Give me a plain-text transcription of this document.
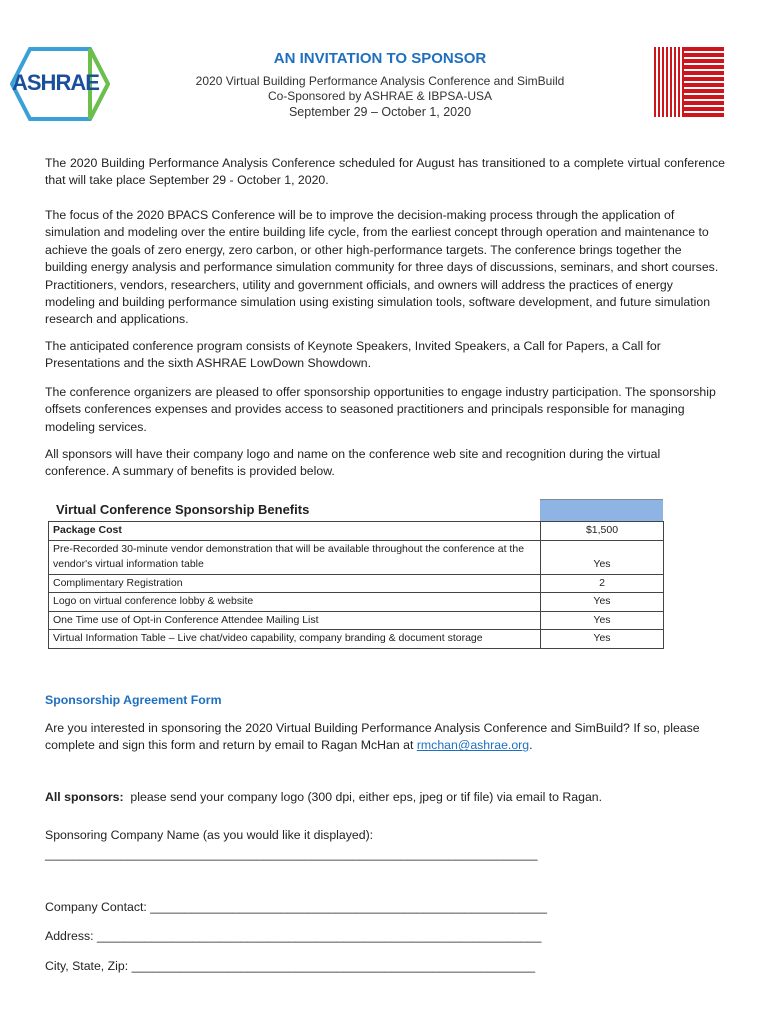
ASHRAE
AN INVITATION TO SPONSOR
2020 Virtual Building Performance Analysis Conference and SimBuild
Co-Sponsored by ASHRAE & IBPSA-USA
September 29 – October 1, 2020
The 2020 Building Performance Analysis Conference scheduled for August has transitioned to a complete virtual conference that will take place September 29 - October 1, 2020.
The focus of the 2020 BPACS Conference will be to improve the decision-making process through the application of simulation and modeling over the entire building life cycle, from the earliest concept through operation and maintenance to achieve the goals of zero energy, zero carbon, or other high-performance targets. The conference brings together the building energy analysis and performance simulation community for three days of discussions, seminars, and short courses. Practitioners, vendors, researchers, utility and government officials, and owners will address the practices of energy modeling and building performance simulation using existing simulation tools, software development, and future simulation research and applications.
The anticipated conference program consists of Keynote Speakers, Invited Speakers, a Call for Papers, a Call for Presentations and the sixth ASHRAE LowDown Showdown.
The conference organizers are pleased to offer sponsorship opportunities to engage industry participation. The sponsorship offsets conferences expenses and provides access to seasoned practitioners and principals responsible for managing modeling services.
All sponsors will have their company logo and name on the conference web site and recognition during the virtual conference. A summary of benefits is provided below.
Virtual Conference Sponsorship Benefits
Package Cost	$1,500
Pre-Recorded 30-minute vendor demonstration that will be available throughout the conference at the vendor's virtual information table	Yes
Complimentary Registration	2
Logo on virtual conference lobby & website	Yes
One Time use of Opt-in Conference Attendee Mailing List	Yes
Virtual Information Table – Live chat/video capability, company branding & document storage	Yes
Sponsorship Agreement Form
Are you interested in sponsoring the 2020 Virtual Building Performance Analysis Conference and SimBuild? If so, please complete and sign this form and return by email to Ragan McHan at rmchan@ashrae.org.
All sponsors:  please send your company logo (300 dpi, either eps, jpeg or tif file) via email to Ragan.
Sponsoring Company Name (as you would like it displayed):
________________________________________________________________________
Company Contact: __________________________________________________________
Address: _________________________________________________________________
City, State, Zip: ___________________________________________________________
